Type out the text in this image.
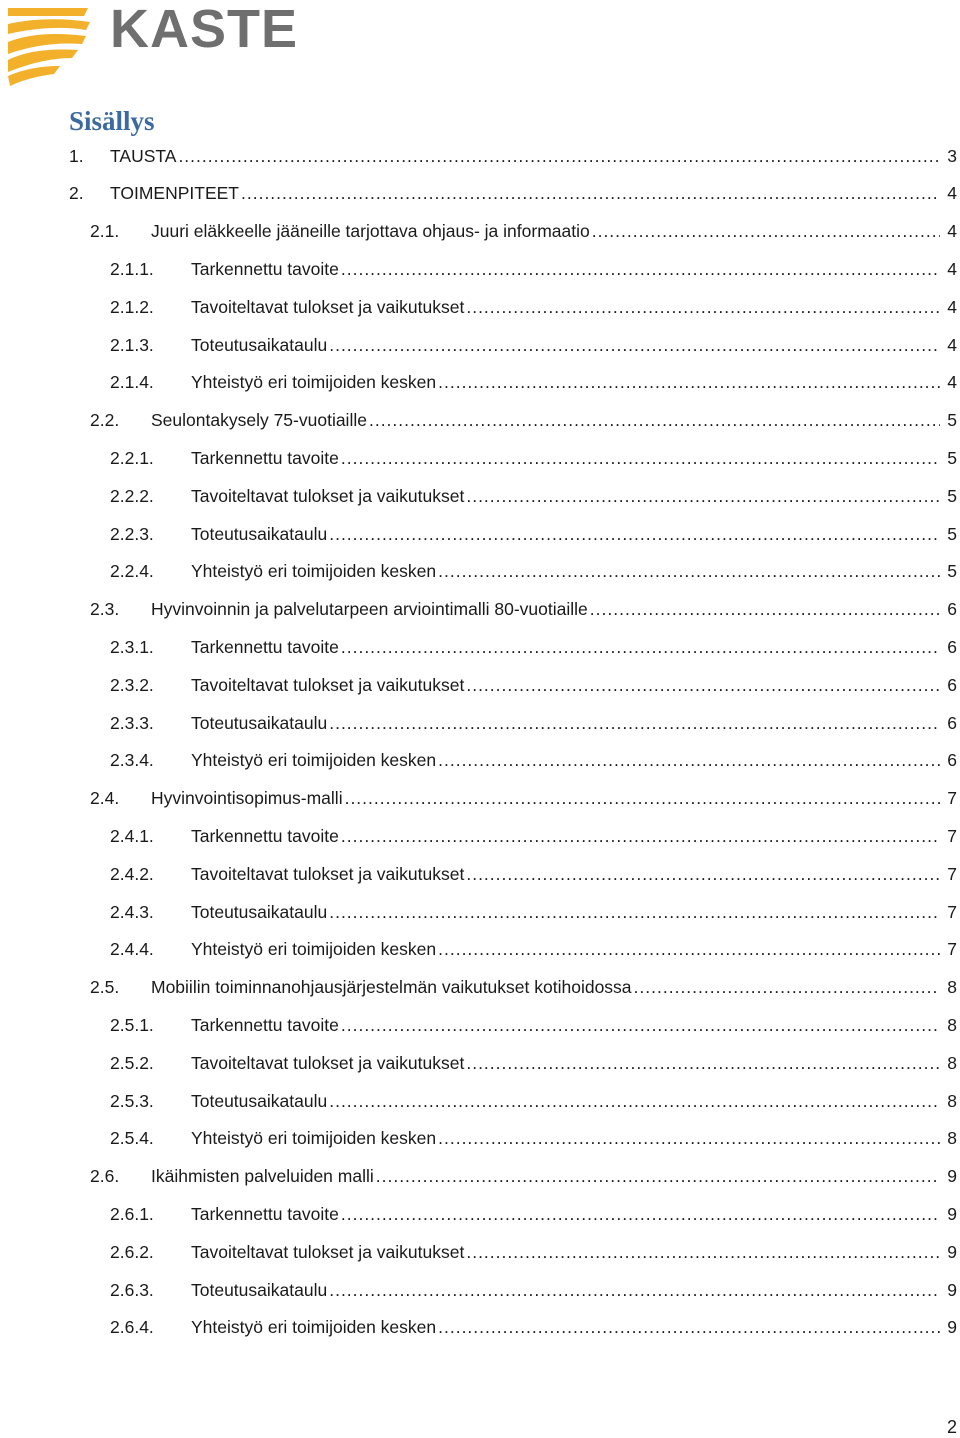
KASTE
Sisällys
1.	TAUSTA .....	3
2.	TOIMENPITEET .....	4
2.1.	Juuri eläkkeelle jääneille tarjottava ohjaus- ja informaatio .....	4
2.1.1.	Tarkennettu tavoite .....	4
2.1.2.	Tavoiteltavat tulokset ja vaikutukset .....	4
2.1.3.	Toteutusaikataulu .....	4
2.1.4.	Yhteistyö eri toimijoiden kesken .....	4
2.2.	Seulontakysely 75-vuotiaille .....	5
2.2.1.	Tarkennettu tavoite .....	5
2.2.2.	Tavoiteltavat tulokset ja vaikutukset .....	5
2.2.3.	Toteutusaikataulu .....	5
2.2.4.	Yhteistyö eri toimijoiden kesken .....	5
2.3.	Hyvinvoinnin ja palvelutarpeen arviointimalli 80-vuotiaille .....	6
2.3.1.	Tarkennettu tavoite .....	6
2.3.2.	Tavoiteltavat tulokset ja vaikutukset .....	6
2.3.3.	Toteutusaikataulu .....	6
2.3.4.	Yhteistyö eri toimijoiden kesken .....	6
2.4.	Hyvinvointisopimus-malli .....	7
2.4.1.	Tarkennettu tavoite .....	7
2.4.2.	Tavoiteltavat tulokset ja vaikutukset .....	7
2.4.3.	Toteutusaikataulu .....	7
2.4.4.	Yhteistyö eri toimijoiden kesken .....	7
2.5.	Mobiilin toiminnanohjausjärjestelmän vaikutukset kotihoidossa .....	8
2.5.1.	Tarkennettu tavoite .....	8
2.5.2.	Tavoiteltavat tulokset ja vaikutukset .....	8
2.5.3.	Toteutusaikataulu .....	8
2.5.4.	Yhteistyö eri toimijoiden kesken .....	8
2.6.	Ikäihmisten palveluiden malli .....	9
2.6.1.	Tarkennettu tavoite .....	9
2.6.2.	Tavoiteltavat tulokset ja vaikutukset .....	9
2.6.3.	Toteutusaikataulu .....	9
2.6.4.	Yhteistyö eri toimijoiden kesken .....	9
2
